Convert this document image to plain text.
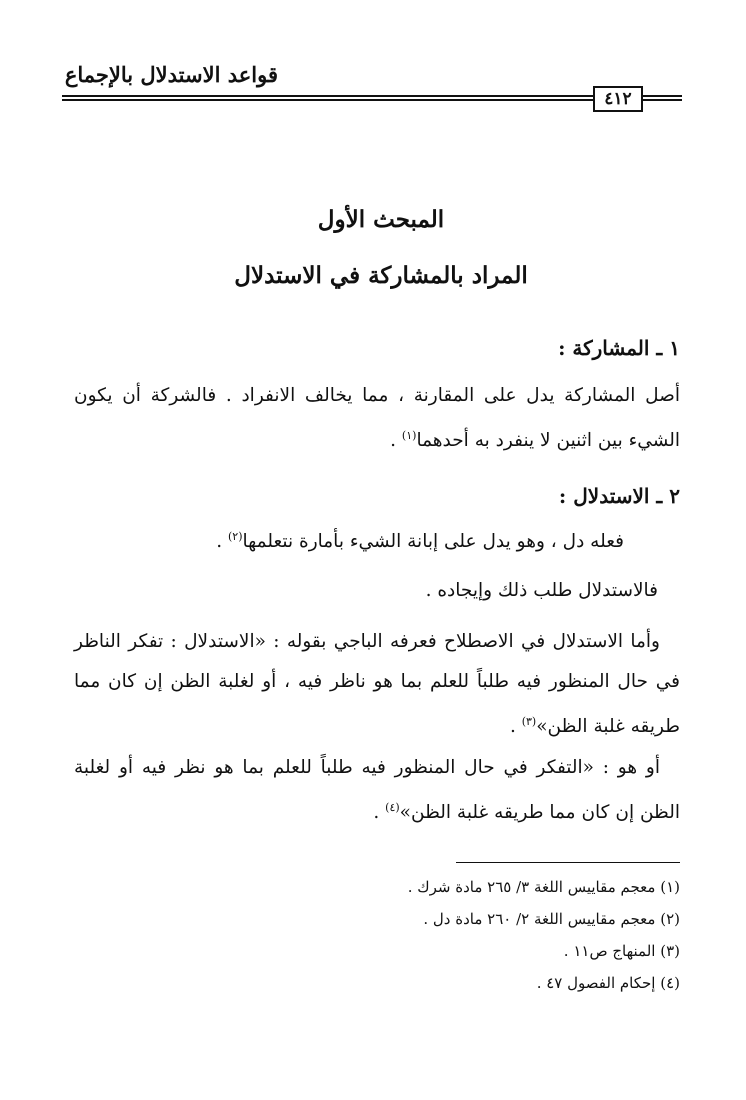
قواعد الاستدلال بالإجماع
٤١٢
المبحث الأول
المراد بالمشاركة في الاستدلال
١ ـ المشاركة :
أصل المشاركة يدل على المقارنة ، مما يخالف الانفراد . فالشركة أن يكون الشيء بين اثنين لا ينفرد به أحدهما$^{(١)}$ .
٢ ـ الاستدلال :
فعله دل ، وهو يدل على إبانة الشيء بأمارة نتعلمها$^{(٢)}$ .
فالاستدلال طلب ذلك وإيجاده .
وأما الاستدلال في الاصطلاح فعرفه الباجي بقوله : «الاستدلال : تفكر الناظر في حال المنظور فيه طلباً للعلم بما هو ناظر فيه ، أو لغلبة الظن إن كان مما طريقه غلبة الظن»$^{(٣)}$ .
أو هو : «التفكر في حال المنظور فيه طلباً للعلم بما هو نظر فيه أو لغلبة الظن إن كان مما طريقه غلبة الظن»$^{(٤)}$ .
(١) معجم مقاييس اللغة ٣/ ٢٦٥ مادة شرك .
(٢) معجم مقاييس اللغة ٢/ ٢٦٠ مادة دل .
(٣) المنهاج ص١١ .
(٤) إحكام الفصول ٤٧ .
